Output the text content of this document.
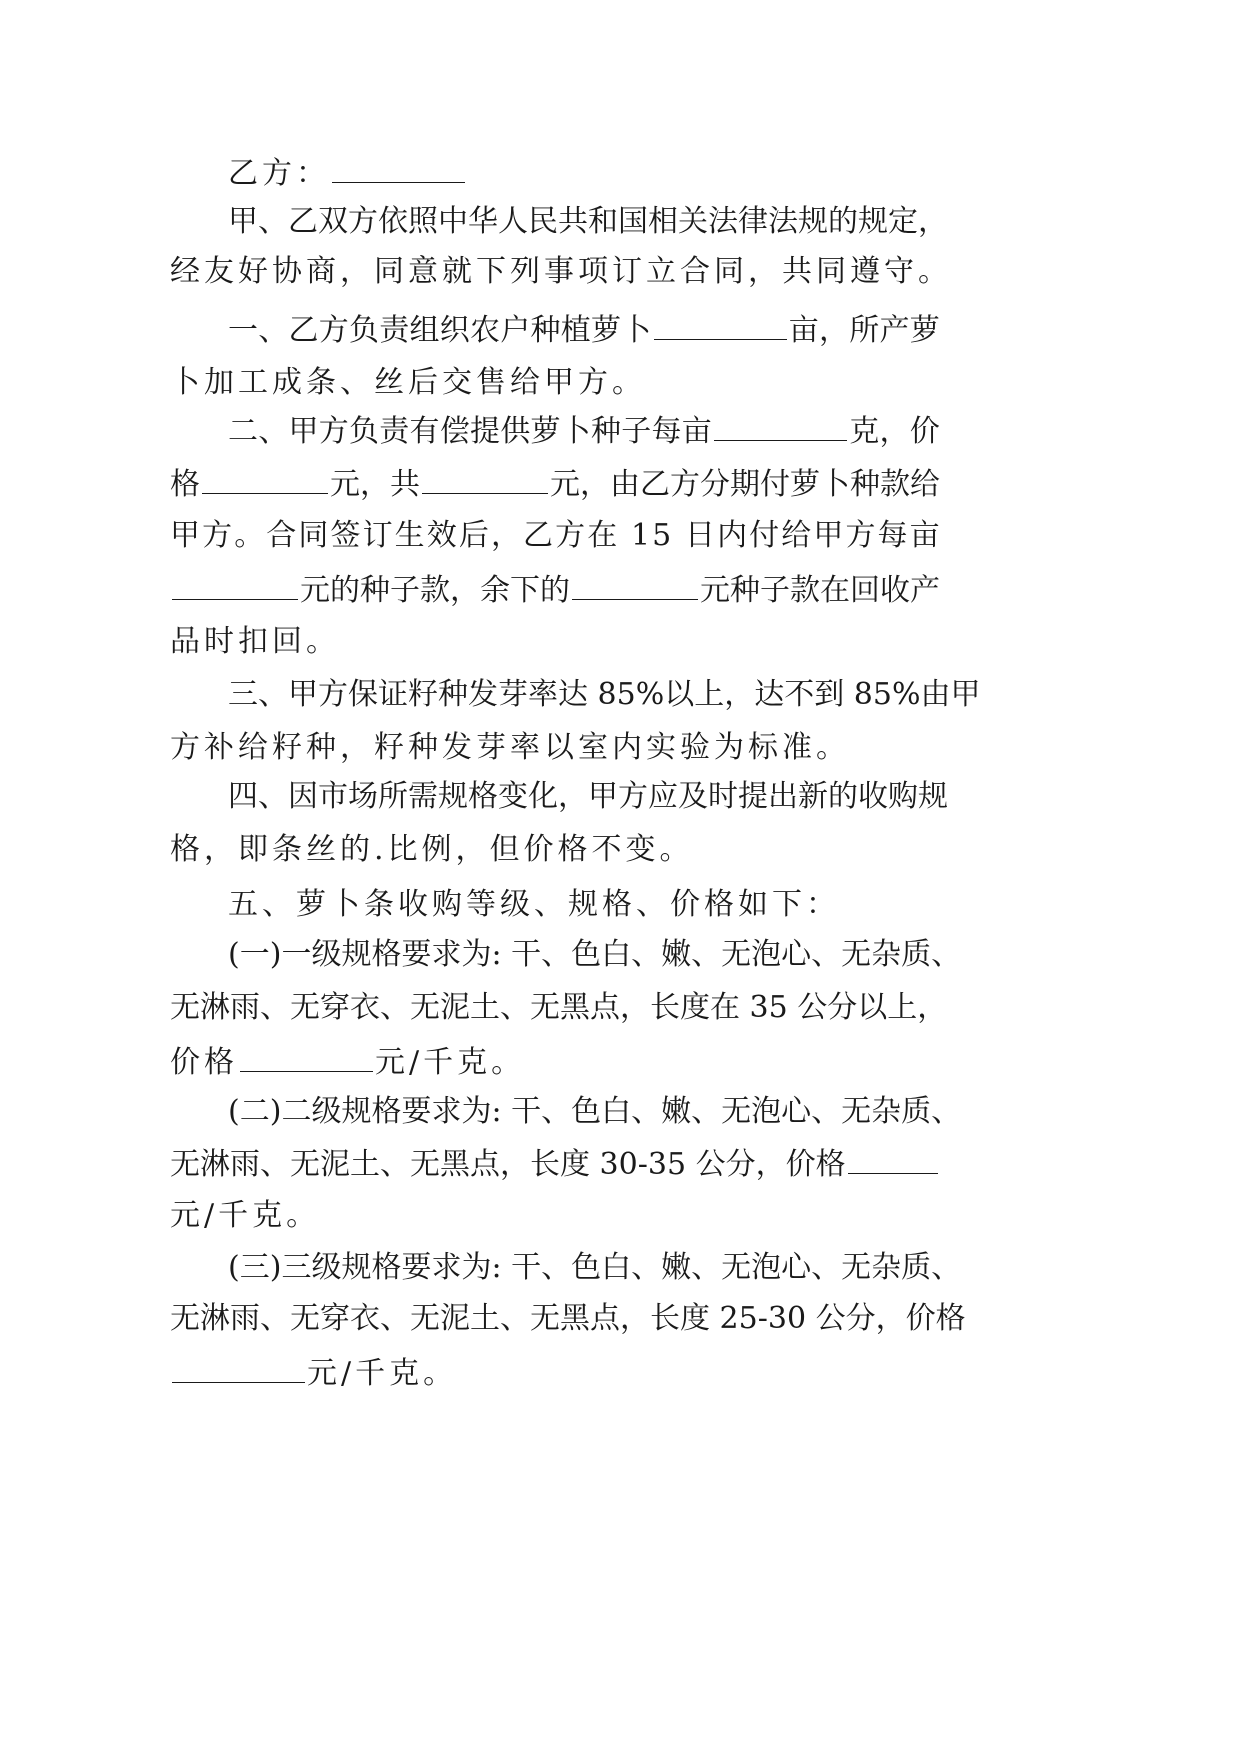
乙方：
甲 、 乙 双 方 依 照 中 华 人 民 共 和 国 相 关 法 律 法 规 的 规 定 ，
经友好协商，同意就下列事项订立合同，共同遵守。
一 、 乙 方 负 责 组 织 农 户 种 植 萝 卜	亩 ， 所 产 萝
卜加工成条、丝后交售给甲方。
二 、 甲 方 负 责 有 偿 提 供 萝 卜 种 子 每 亩	克 ， 价
格	元 ， 共	元 ， 由 乙 方 分 期 付 萝 卜 种 款 给
甲 方 。 合 同 签 订 生 效 后 ， 乙 方 在
1 5
日 内 付 给 甲 方 每 亩
元 的 种 子 款 ， 余 下 的	元 种 子 款 在 回 收 产
品时扣回。
三 、 甲 方 保 证 籽 种 发 芽 率 达
8 5 % 以 上 ， 达 不 到
8 5 % 由 甲
方补给籽种，籽种发芽率以室内实验为标准。
四 、 因 市 场 所 需 规 格 变 化 ， 甲 方 应 及 时 提 出 新 的 收 购 规
格，即条丝的.比例，但价格不变。
五、萝卜条收购等级、规格、价格如下：
( 一 ) 一 级 规 格 要 求 为 :
干 、 色 白 、 嫩 、 无 泡 心 、 无 杂 质 、
无 淋 雨 、 无 穿 衣 、 无 泥 土 、 无 黑 点 ， 长 度 在
3 5
公 分 以 上 ，
价格	元/千克。
( 二 ) 二 级 规 格 要 求 为 :
干 、 色 白 、 嫩 、 无 泡 心 、 无 杂 质 、
无 淋 雨 、 无 泥 土 、 无 黑 点 ， 长 度
3 0 - 3 5
公 分 ， 价 格
元/千克。
( 三 ) 三 级 规 格 要 求 为 :
干 、 色 白 、 嫩 、 无 泡 心 、 无 杂 质 、
无 淋 雨 、 无 穿 衣 、 无 泥 土 、 无 黑 点 ， 长 度
2 5 - 3 0
公 分 ， 价 格
元/千克。
